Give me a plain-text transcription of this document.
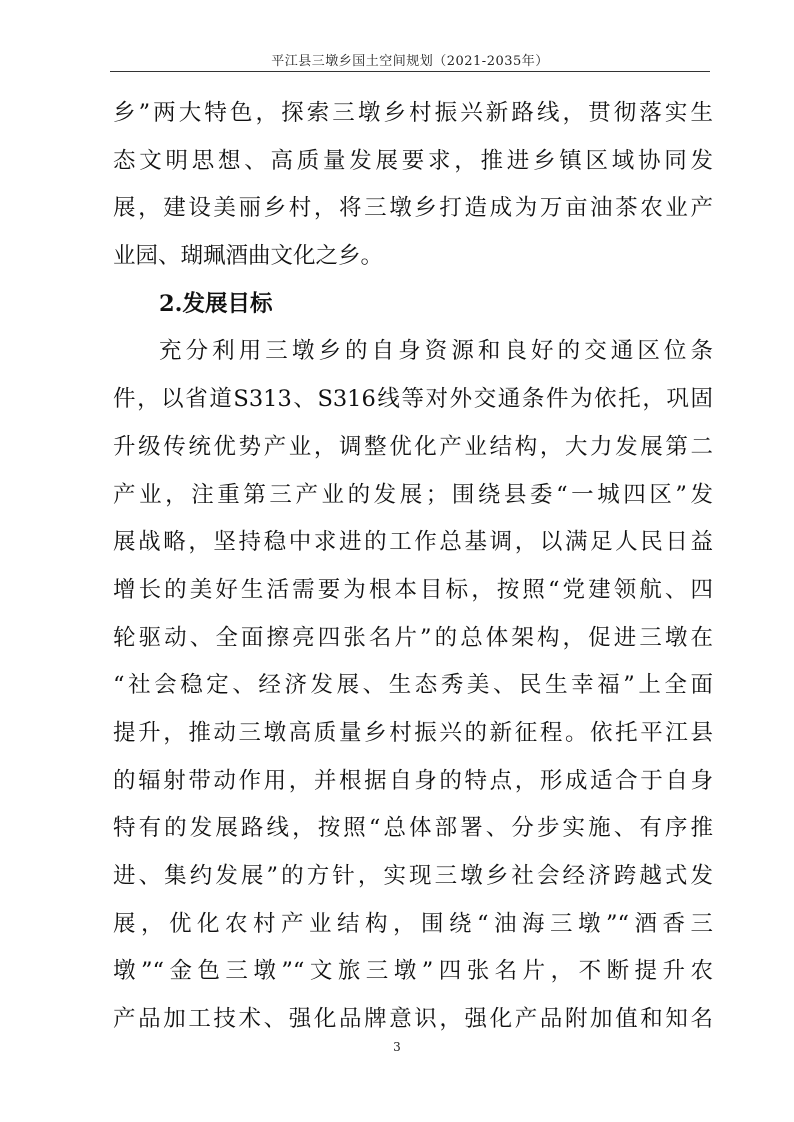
平江县三墩乡国土空间规划（2021-2035年）
乡”两大特色，探索三墩乡村振兴新路线，贯彻落实生
态文明思想、高质量发展要求，推进乡镇区域协同发
展，建设美丽乡村，将三墩乡打造成为万亩油茶农业产
业园、瑚珮酒曲文化之乡。
2.发展目标
充分利用三墩乡的自身资源和良好的交通区位条
件，以省道S313、S316线等对外交通条件为依托，巩固
升级传统优势产业，调整优化产业结构，大力发展第二
产业，注重第三产业的发展；围绕县委“一城四区”发
展战略，坚持稳中求进的工作总基调，以满足人民日益
增长的美好生活需要为根本目标，按照“党建领航、四
轮驱动、全面擦亮四张名片”的总体架构，促进三墩在
“社会稳定、经济发展、生态秀美、民生幸福”上全面
提升，推动三墩高质量乡村振兴的新征程。依托平江县
的辐射带动作用，并根据自身的特点，形成适合于自身
特有的发展路线，按照“总体部署、分步实施、有序推
进、集约发展”的方针，实现三墩乡社会经济跨越式发
展，优化农村产业结构，围绕“油海三墩”“酒香三
墩”“金色三墩”“文旅三墩”四张名片，不断提升农
产品加工技术、强化品牌意识，强化产品附加值和知名
3
